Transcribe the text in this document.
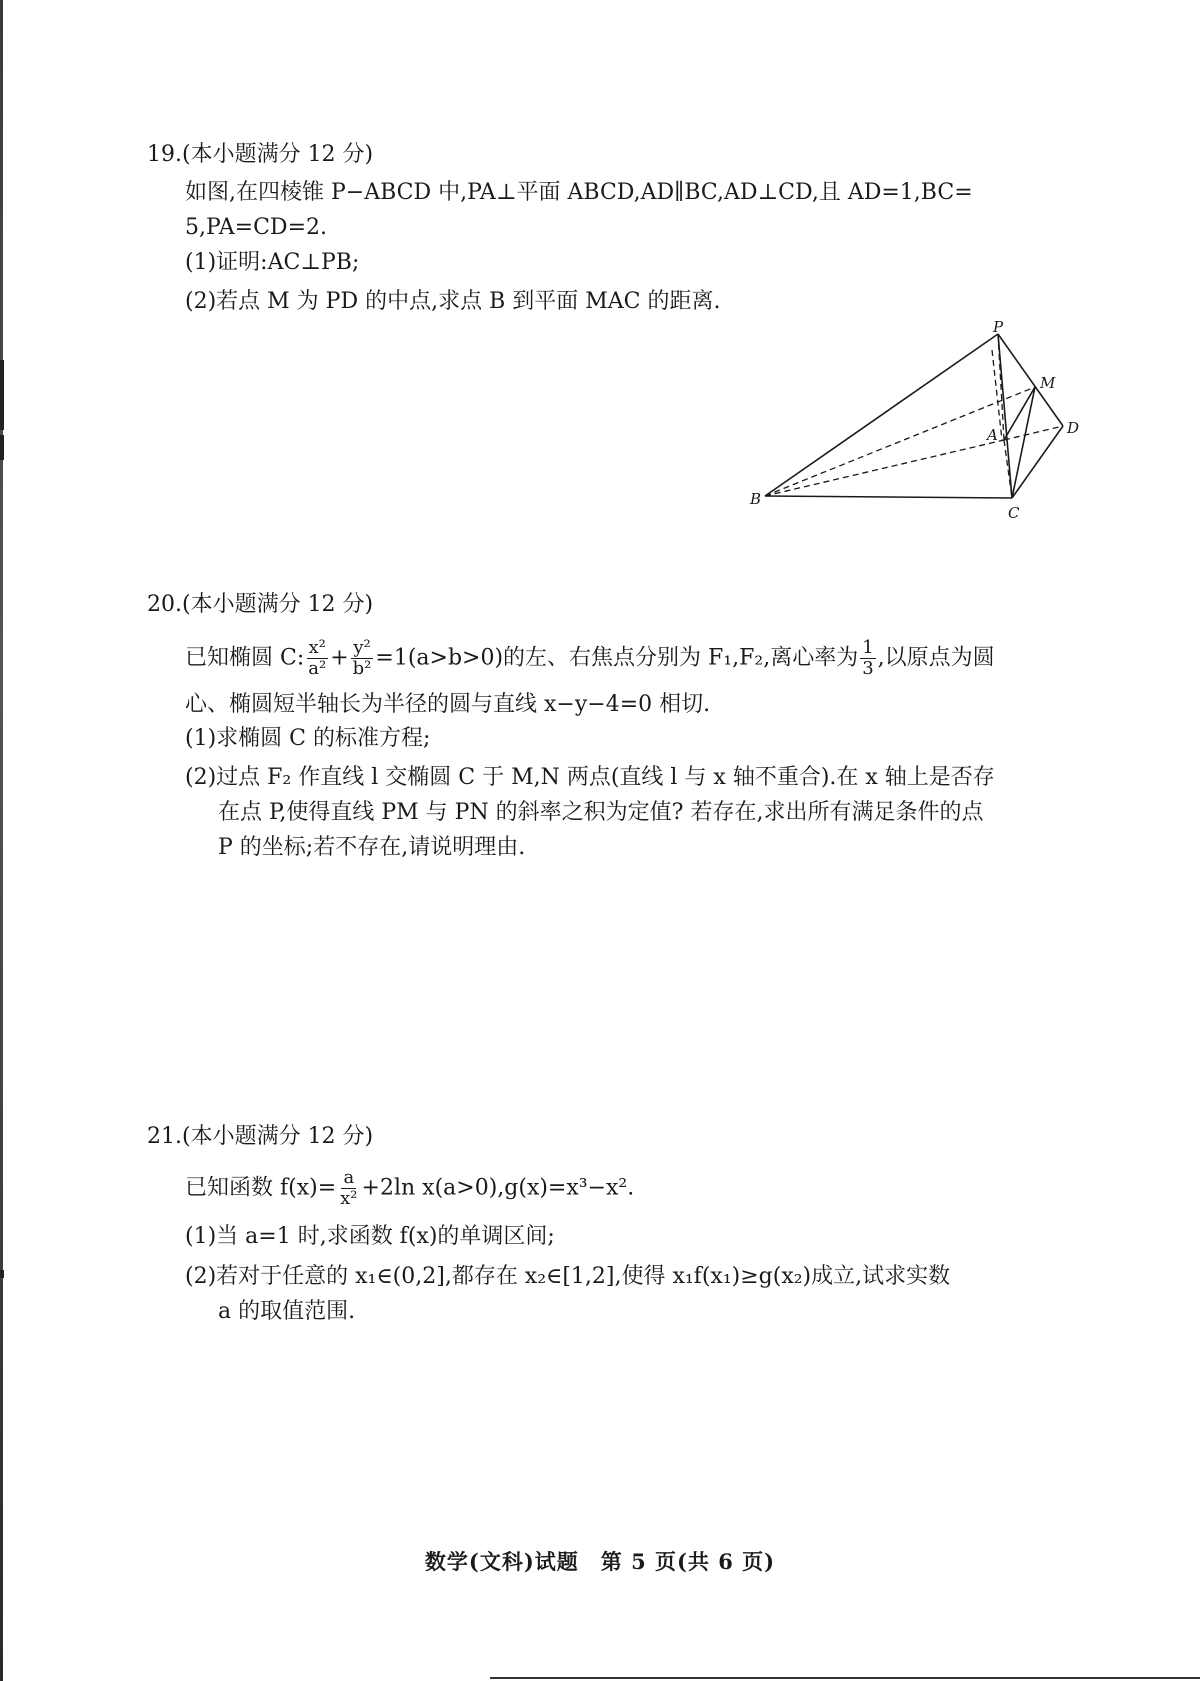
19.(本小题满分 12 分)
如图,在四棱锥 P−ABCD 中,PA⊥平面 ABCD,AD∥BC,AD⊥CD,且 AD=1,BC=
5,PA=CD=2.
(1)证明:AC⊥PB;
(2)若点 M 为 PD 的中点,求点 B 到平面 MAC 的距离.
P
M
A	D
B
C
20.(本小题满分 12 分)
已知椭圆 C: $\frac{\text{x²}}{\text{a²}} + \frac{\text{y²}}{\text{b²}} =1(a>b>0)$的左、右焦点分别为 F₁,F₂,离心率为 $\frac{1}{3}$ ,以原点为圆
心、椭圆短半轴长为半径的圆与直线 x−y−4=0 相切.
(1)求椭圆 C 的标准方程;
(2)过点 F₂ 作直线 l 交椭圆 C 于 M,N 两点(直线 l 与 x 轴不重合).在 x 轴上是否存
在点 P,使得直线 PM 与 PN 的斜率之积为定值? 若存在,求出所有满足条件的点
P 的坐标;若不存在,请说明理由.
21.(本小题满分 12 分)
已知函数 $f(x)= \frac{a}{\text{x²}} +2\ln$ x(a>0),g(x)=x³−x².
(1)当 a=1 时,求函数 f(x)的单调区间;
(2)若对于任意的 x₁∈(0,2],都存在 x₂∈[1,2],使得 x₁f(x₁)≥g(x₂)成立,试求实数
a 的取值范围.
数学(文科)试题　第 5 页(共 6 页)
